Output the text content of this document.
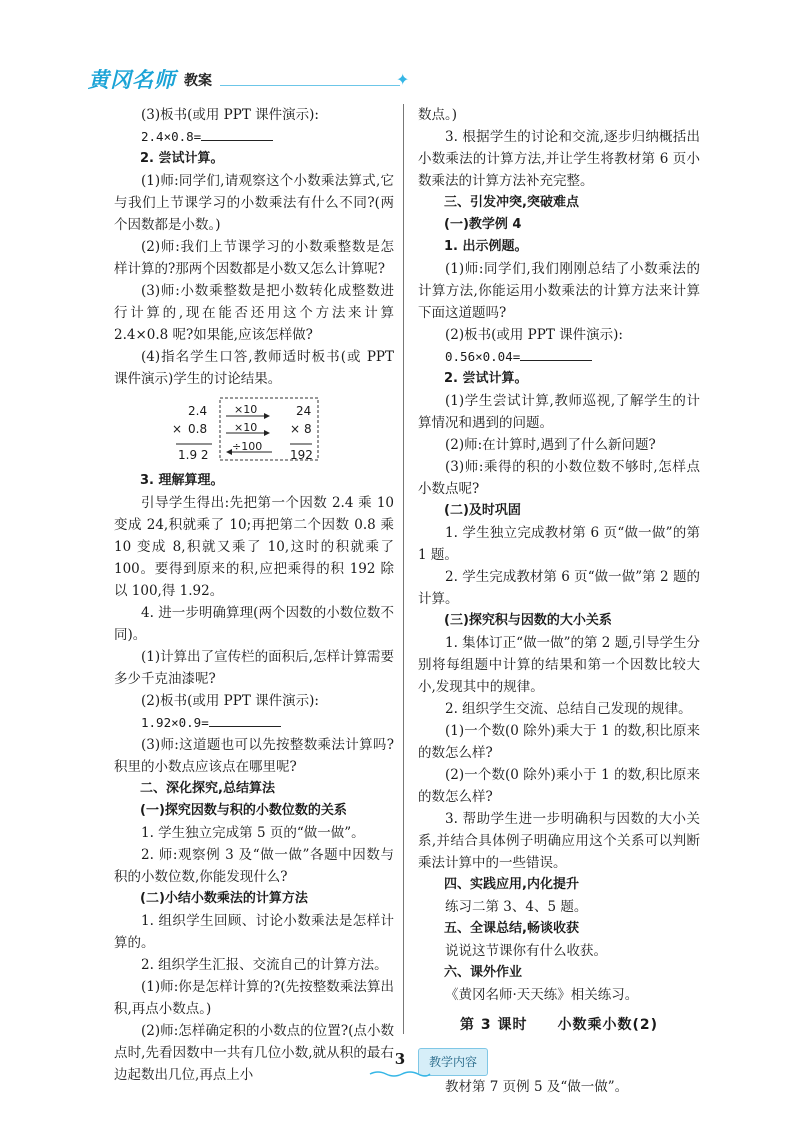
黄冈名师 教案	✦

(3)板书(或用 PPT 课件演示):

2.4×0.8=

2. 尝试计算。

(1)师:同学们,请观察这个小数乘法算式,它与我们上节课学习的小数乘法有什么不同?(两个因数都是小数。)

(2)师:我们上节课学习的小数乘整数是怎样计算的?那两个因数都是小数又怎么计算呢?

(3)师:小数乘整数是把小数转化成整数进行计算的,现在能否还用这个方法来计算 2.4×0.8 呢?如果能,应该怎样做?

(4)指名学生口答,教师适时板书(或 PPT 课件演示)学生的讨论结果。

2.4
× 0.8
1.9 2
×10
×10
÷100
24
× 8
192

3. 理解算理。

引导学生得出:先把第一个因数 2.4 乘 10 变成 24,积就乘了 10;再把第二个因数 0.8 乘 10 变成 8,积就又乘了 10,这时的积就乘了 100。要得到原来的积,应把乘得的积 192 除以 100,得 1.92。

4. 进一步明确算理(两个因数的小数位数不同)。

(1)计算出了宣传栏的面积后,怎样计算需要多少千克油漆呢?

(2)板书(或用 PPT 课件演示):

1.92×0.9=

(3)师:这道题也可以先按整数乘法计算吗?积里的小数点应该点在哪里呢?

二、深化探究,总结算法

(一)探究因数与积的小数位数的关系

1. 学生独立完成第 5 页的“做一做”。

2. 师:观察例 3 及“做一做”各题中因数与积的小数位数,你能发现什么?

(二)小结小数乘法的计算方法

1. 组织学生回顾、讨论小数乘法是怎样计算的。

2. 组织学生汇报、交流自己的计算方法。

(1)师:你是怎样计算的?(先按整数乘法算出积,再点小数点。)

(2)师:怎样确定积的小数点的位置?(点小数点时,先看因数中一共有几位小数,就从积的最右边起数出几位,再点上小

数点。)

3. 根据学生的讨论和交流,逐步归纳概括出小数乘法的计算方法,并让学生将教材第 6 页小数乘法的计算方法补充完整。

三、引发冲突,突破难点

(一)教学例 4

1. 出示例题。

(1)师:同学们,我们刚刚总结了小数乘法的计算方法,你能运用小数乘法的计算方法来计算下面这道题吗?

(2)板书(或用 PPT 课件演示):

0.56×0.04=

2. 尝试计算。

(1)学生尝试计算,教师巡视,了解学生的计算情况和遇到的问题。

(2)师:在计算时,遇到了什么新问题?

(3)师:乘得的积的小数位数不够时,怎样点小数点呢?

(二)及时巩固

1. 学生独立完成教材第 6 页“做一做”的第 1 题。

2. 学生完成教材第 6 页“做一做”第 2 题的计算。

(三)探究积与因数的大小关系

1. 集体订正“做一做”的第 2 题,引导学生分别将每组题中计算的结果和第一个因数比较大小,发现其中的规律。

2. 组织学生交流、总结自己发现的规律。

(1)一个数(0 除外)乘大于 1 的数,积比原来的数怎么样?

(2)一个数(0 除外)乘小于 1 的数,积比原来的数怎么样?

3. 帮助学生进一步明确积与因数的大小关系,并结合具体例子明确应用这个关系可以判断乘法计算中的一些错误。

四、实践应用,内化提升

练习二第 3、4、5 题。

五、全课总结,畅谈收获

说说这节课你有什么收获。

六、课外作业

《黄冈名师·天天练》相关练习。

第 3 课时　　小数乘小数(2)
教学内容

教材第 7 页例 5 及“做一做”。

3
